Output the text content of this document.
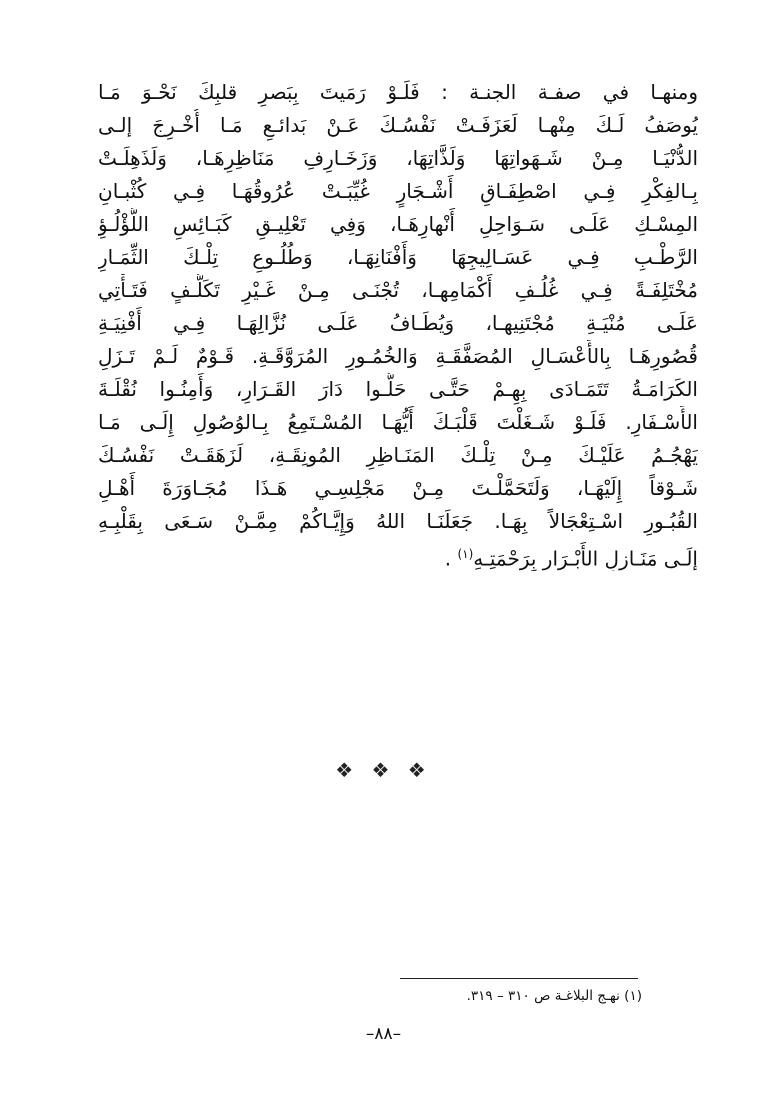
ومنهـا في صفـة الجنـة : فَلَـوْ رَمَيتَ بِبَصرِ قلبِكَ نَحْـوَ مَـا
يُوصَفُ لَـكَ مِنْهـا لَعَزَفَـتْ نَفْسُـكَ عَـنْ بَدائـعِ مَـا أُخْـرِجَ إلـى
الدُّنْيَـا مِـنْ شَـهَواتِهَا وَلَذَّاتِهَا، وَزَخَـارِفِ مَنَاظِرِهَـا، وَلَذَهِلَـتْ
بِـالفِكْرِ فِـي اصْطِفَـاقِ أَشْـجَارٍ غُيِّبَـتْ عُرُوقُهَـا فِـي كُثْبـانِ
المِسْـكِ عَلَـى سَـوَاحِلِ أَنْهارِهَـا، وَفِي تَعْلِيـقِ كَبَـائِسِ اللُّؤْلُـؤِ
الرَّطْـبِ فِـي عَسَـالِيجِهَا وَأَفْنَانِهَـا، وَطُلُـوعِ تِلْـكَ الثِّمَـارِ
مُخْتَلِفَـةً فِـي غُلُـفِ أَكْمَامِهـا، تُجْنَـى مِـنْ غَـيْرِ تَكَلُّـفٍ فَتَـأْتِي
عَلَـى مُنْيَـةِ مُجْتَنِيهـا، وَيُطَـافُ عَلَـى نُزَّالِهَـا فِـي أَفْنِيَـةِ
قُصُورِهَـا بِالأَعْسَـالِ المُصَفَّقَـةِ وَالخُمُـورِ المُرَوَّقَـةِ. قَـوْمٌ لَـمْ تَـزَلِ
الكَرَامَـةُ تَتَمَـادَى بِهِـمْ حَتَّـى حَلُّـوا دَارَ القَـرَارِ، وَأَمِنُـوا نُقْلَـةَ
الأَسْـفَارِ. فَلَـوْ شَـغَلْتَ قَلْبَـكَ أَيُّهَـا المُسْـتَمِعُ بِـالوُصُولِ إِلَـى مَـا
يَهْجُـمُ عَلَيْـكَ مِـنْ تِلْـكَ المَنَـاظِرِ المُونِقَـةِ، لَزَهَقَـتْ نَفْسُـكَ
شَـوْقاً إِلَيْهَـا، وَلَتَحَمَّلْـتَ مِـنْ مَجْلِسِـي هَـذَا مُجَـاوَرَةَ أَهْـلِ
القُبُـورِ اسْـتِعْجَالاً بِهَـا. جَعَلَنَـا اللهُ وَإِيَّـاكُمْ مِمَّـنْ سَـعَى بِقَلْبِـهِ
إِلَـى مَنَـازِلِ الأَبْـرَارِ بِرَحْمَتِـهِ$^{(١)}$ .
❖ ❖ ❖
(١) نهـج البلاغـة ص ٣١٠ – ٣١٩.
–٨٨–
